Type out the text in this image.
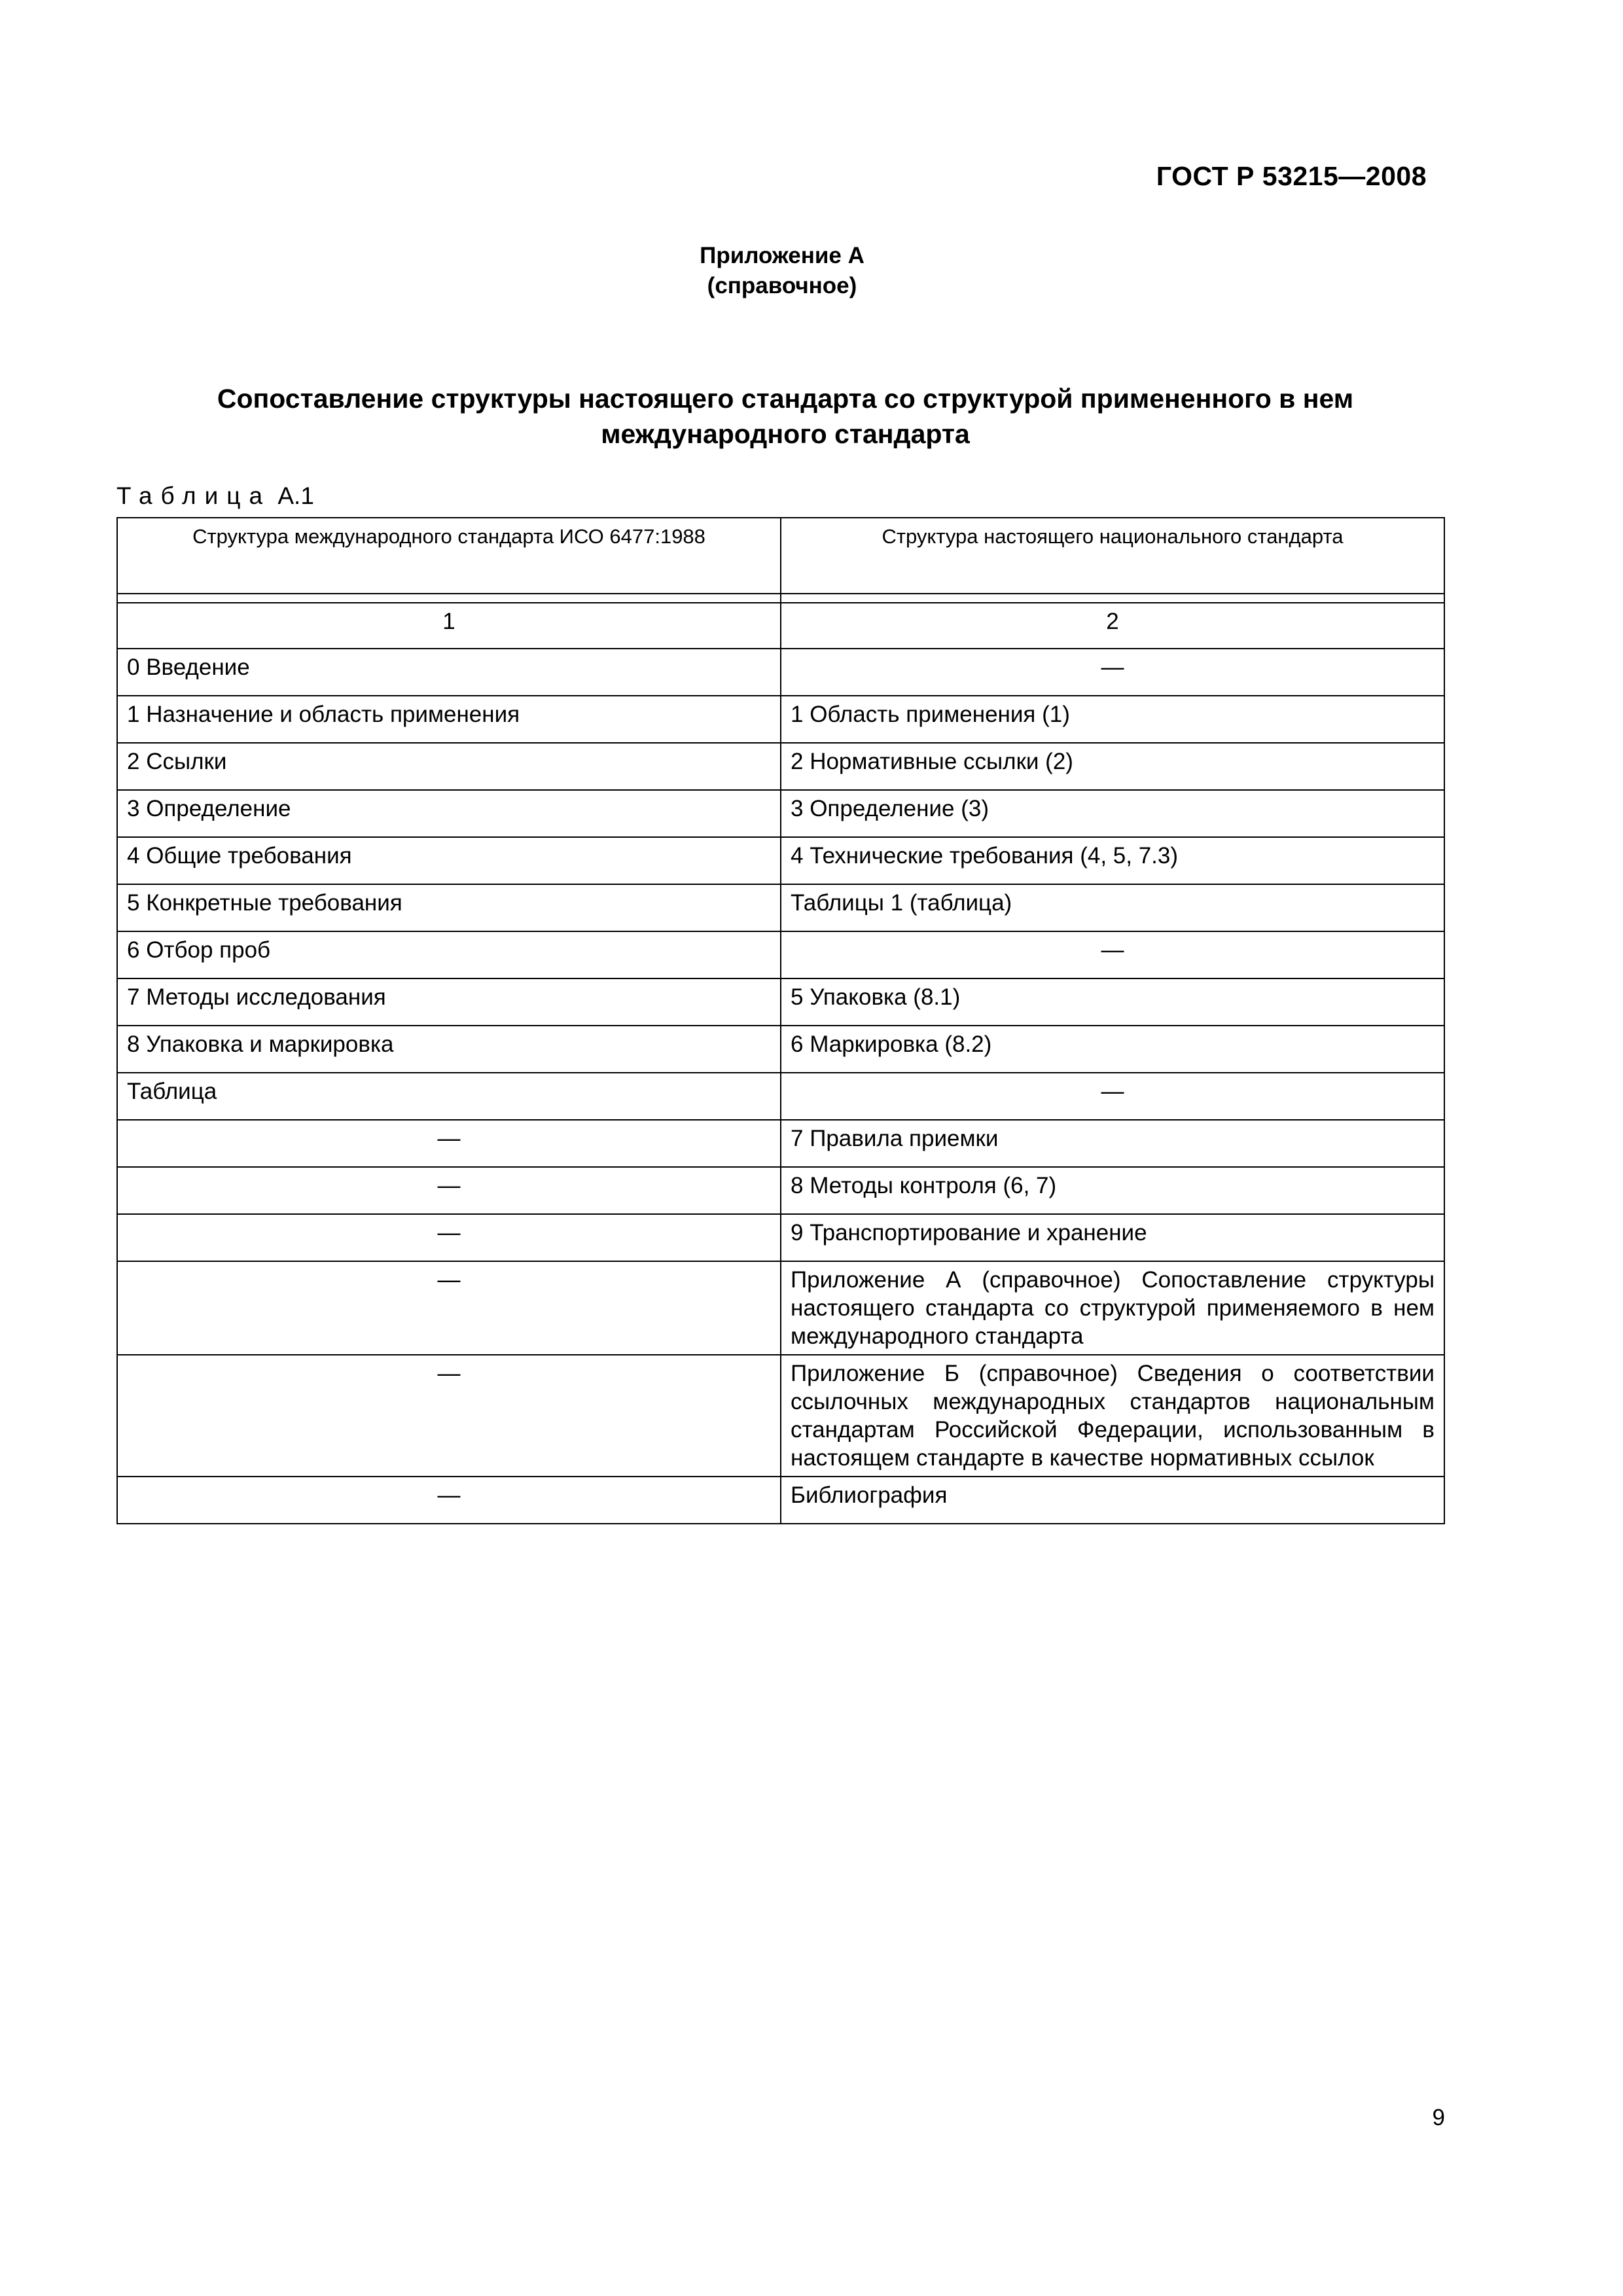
ГОСТ Р 53215—2008
Приложение А
(справочное)
Сопоставление структуры настоящего стандарта со структурой примененного в нем
международного стандарта
Таблица А.1
Структура международного стандарта ИСО 6477:1988	Структура настоящего национального стандарта

1	2
0 Введение	—
1 Назначение и область применения	1 Область применения (1)
2 Ссылки	2 Нормативные ссылки (2)
3 Определение	3 Определение (3)
4 Общие требования	4 Технические требования (4, 5, 7.3)
5 Конкретные требования	Таблицы 1 (таблица)
6 Отбор проб	—
7 Методы исследования	5 Упаковка (8.1)
8 Упаковка и маркировка	6 Маркировка (8.2)
Таблица	—
—	7 Правила приемки
—	8 Методы контроля (6, 7)
—	9 Транспортирование и хранение
—	Приложение А (справочное) Сопоставление структуры настоящего стандарта со структурой применяемого в нем международного стандарта
—	Приложение Б (справочное) Сведения о соответствии ссылочных международных стандартов национальным стандартам Российской Федерации, использованным в настоящем стандарте в качестве нормативных ссылок
—	Библиография
9
